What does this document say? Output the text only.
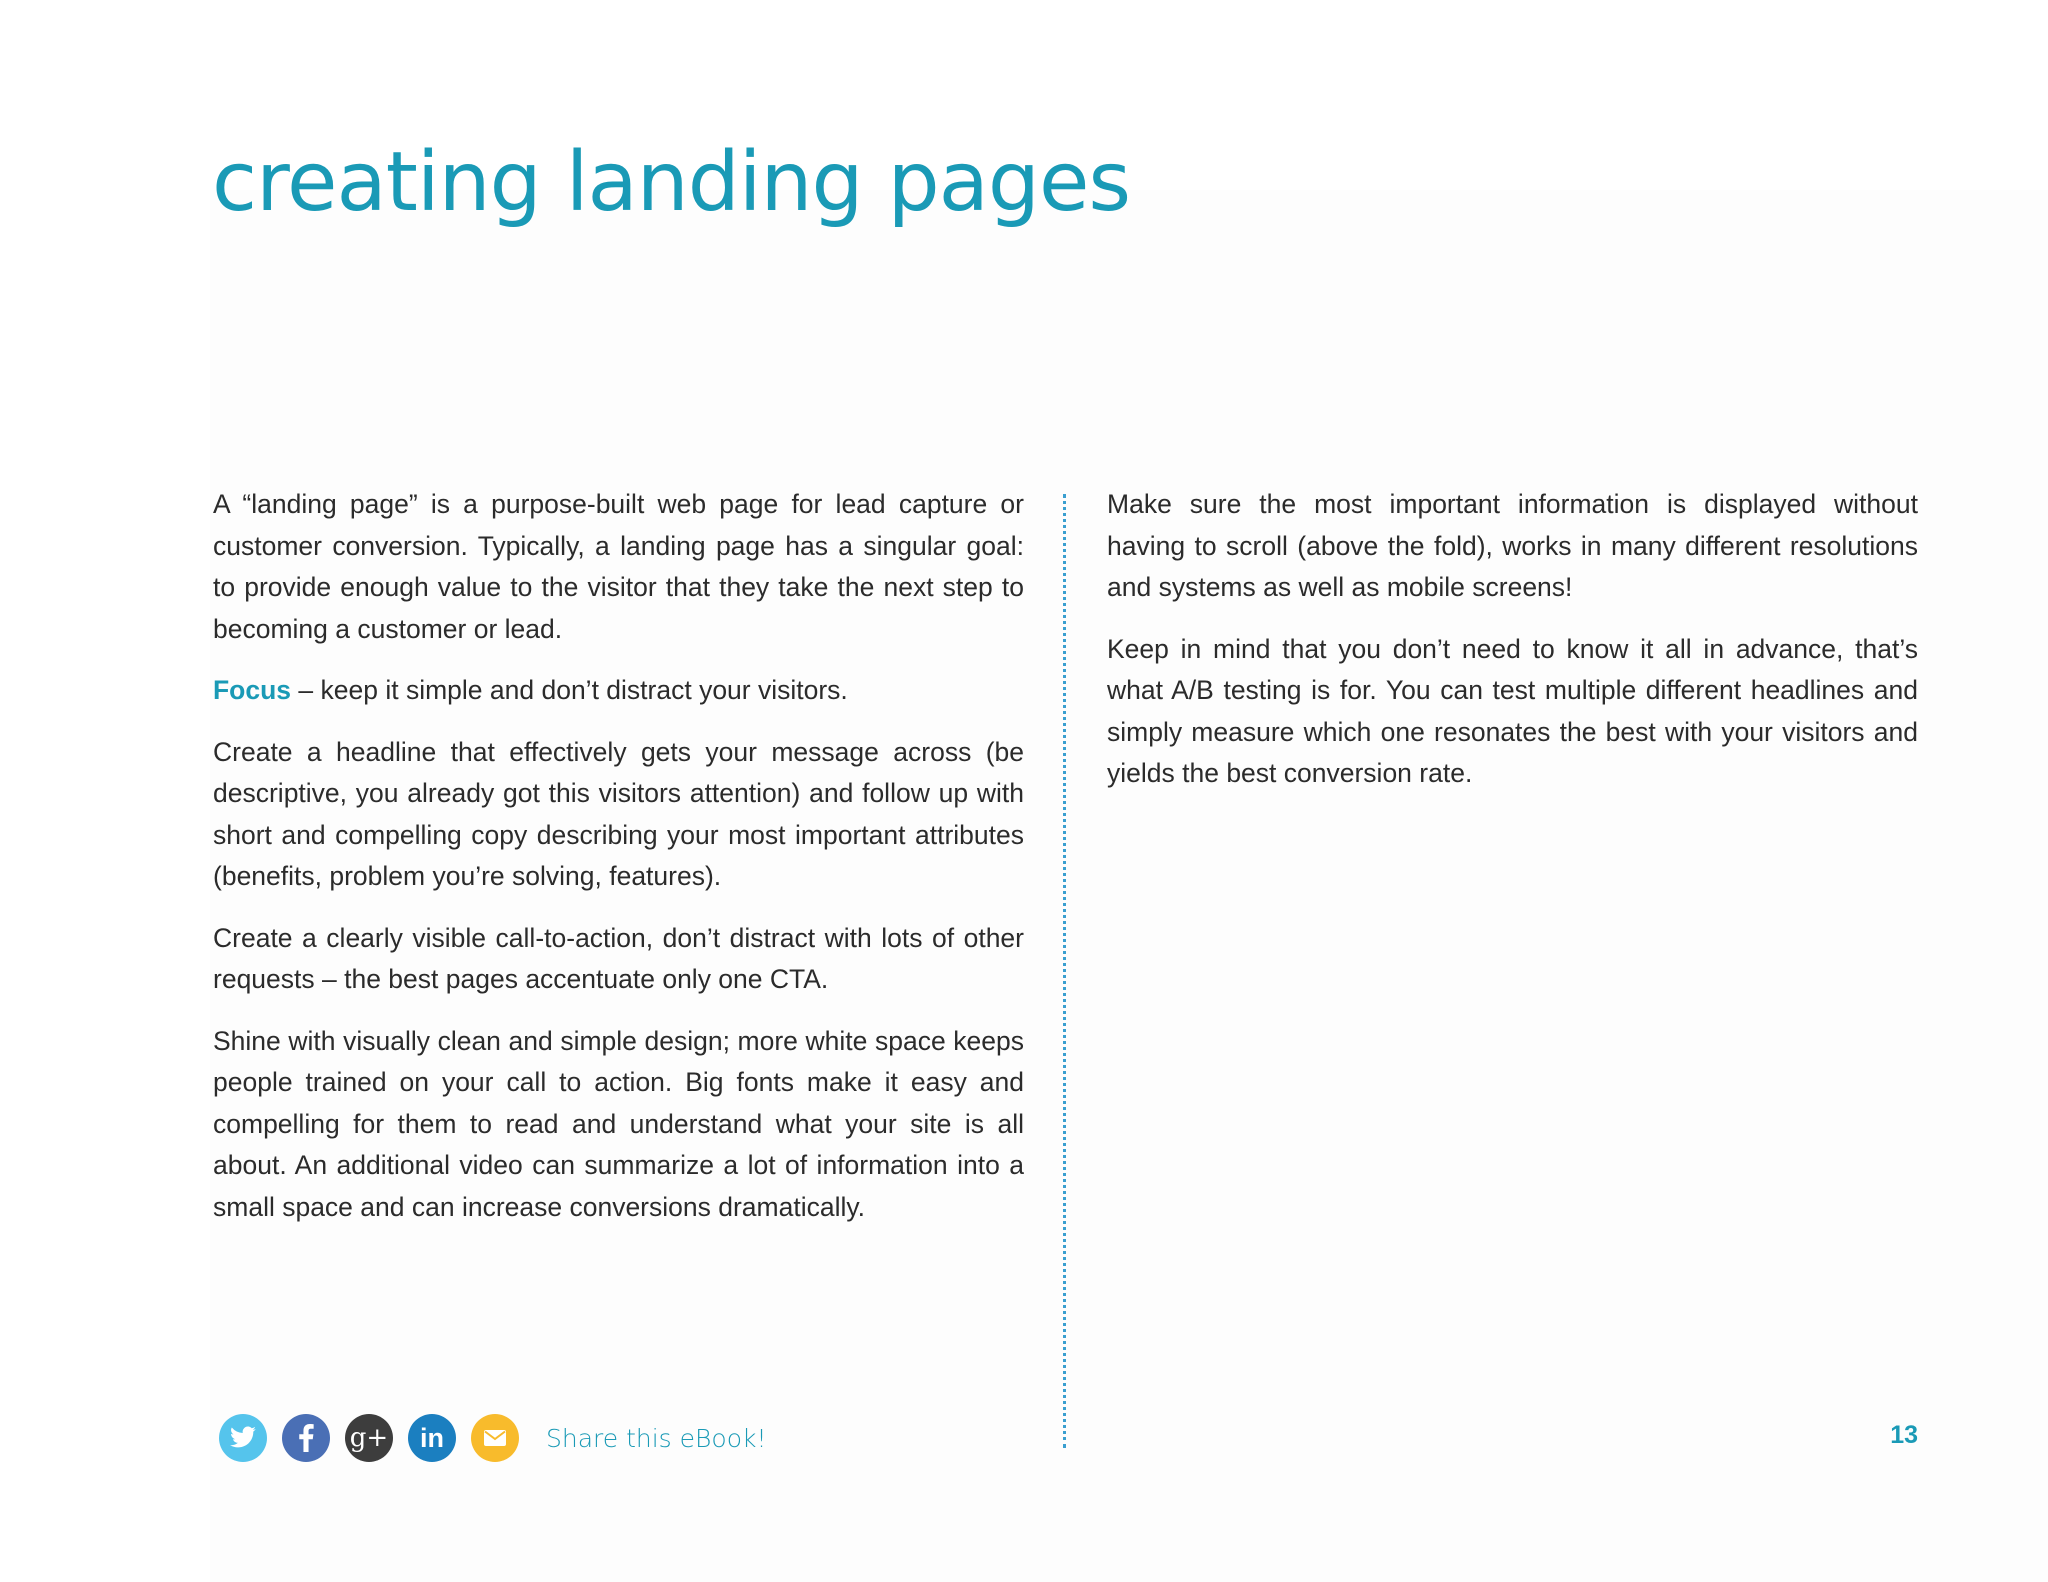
creating landing pages

A “landing page” is a purpose-built web page for lead capture or customer conversion. Typically, a landing page has a singular goal: to provide enough value to the visitor that they take the next step to becoming a customer or lead.

Focus – keep it simple and don’t distract your visitors.

Create a headline that effectively gets your message across (be descriptive, you already got this visitors attention) and follow up with short and compelling copy describing your most important attributes (benefits, problem you’re solving, features).

Create a clearly visible call-to-action, don’t distract with lots of other requests – the best pages accentuate only one CTA.

Shine with visually clean and simple design; more white space keeps people trained on your call to action. Big fonts make it easy and compelling for them to read and understand what your site is all about. An additional video can summarize a lot of information into a small space and can increase conversions dramatically.

Make sure the most important information is displayed without having to scroll (above the fold), works in many different resolutions and systems as well as mobile screens!

Keep in mind that you don’t need to know it all in advance, that’s what A/B testing is for. You can test multiple different headlines and simply measure which one resonates the best with your visitors and yields the best conversion rate.

g+	in	Share this eBook!	13
